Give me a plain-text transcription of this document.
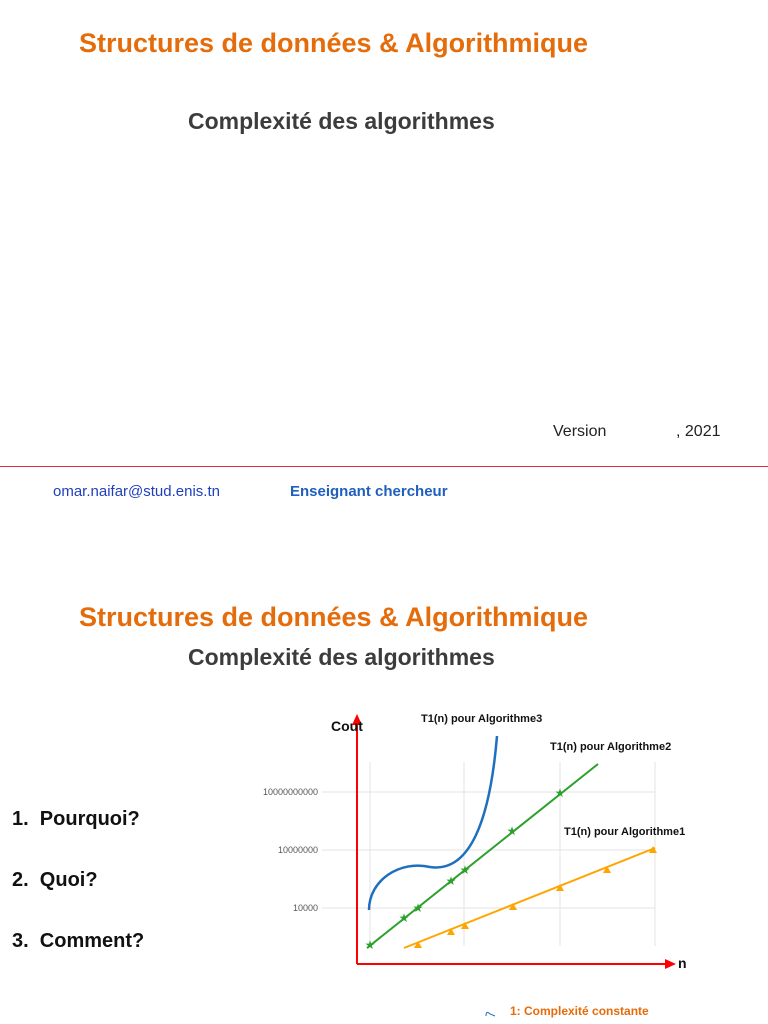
Structures de données & Algorithmique
Complexité des algorithmes
Version	, 2021
omar.naifar@stud.enis.tn	Enseignant chercheur
Structures de données & Algorithmique
Complexité des algorithmes
1.  Pourquoi?
2.  Quoi?
3.  Comment?
10000000000
10000000
10000
★
★
★
★
★
★
★
Cout
n
T1(n) pour Algorithme3
T1(n) pour Algorithme2
T1(n) pour Algorithme1
1: Complexité constante
